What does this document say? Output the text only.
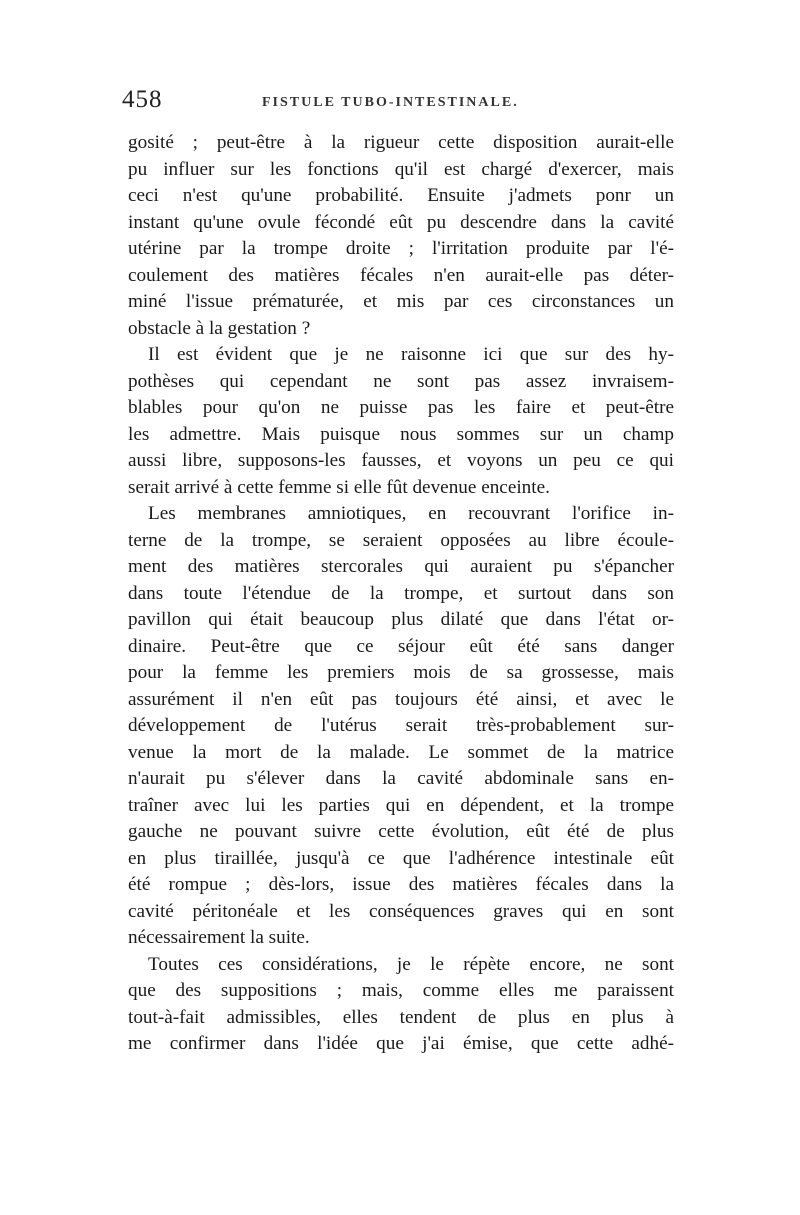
458	FISTULE TUBO-INTESTINALE.
gosité ; peut-être à la rigueur cette disposition aurait-elle
pu influer sur les fonctions qu'il est chargé d'exercer, mais
ceci n'est qu'une probabilité. Ensuite j'admets ponr un
instant qu'une ovule fécondé eût pu descendre dans la cavité
utérine par la trompe droite ; l'irritation produite par l'é-
coulement des matières fécales n'en aurait-elle pas déter-
miné l'issue prématurée, et mis par ces circonstances un
obstacle à la gestation ?
Il est évident que je ne raisonne ici que sur des hy-
pothèses qui cependant ne sont pas assez invraisem-
blables pour qu'on ne puisse pas les faire et peut-être
les admettre. Mais puisque nous sommes sur un champ
aussi libre, supposons-les fausses, et voyons un peu ce qui
serait arrivé à cette femme si elle fût devenue enceinte.
Les membranes amniotiques, en recouvrant l'orifice in-
terne de la trompe, se seraient opposées au libre écoule-
ment des matières stercorales qui auraient pu s'épancher
dans toute l'étendue de la trompe, et surtout dans son
pavillon qui était beaucoup plus dilaté que dans l'état or-
dinaire. Peut-être que ce séjour eût été sans danger
pour la femme les premiers mois de sa grossesse, mais
assurément il n'en eût pas toujours été ainsi, et avec le
développement de l'utérus serait très-probablement sur-
venue la mort de la malade. Le sommet de la matrice
n'aurait pu s'élever dans la cavité abdominale sans en-
traîner avec lui les parties qui en dépendent, et la trompe
gauche ne pouvant suivre cette évolution, eût été de plus
en plus tiraillée, jusqu'à ce que l'adhérence intestinale eût
été rompue ; dès-lors, issue des matières fécales dans la
cavité péritonéale et les conséquences graves qui en sont
nécessairement la suite.
Toutes ces considérations, je le répète encore, ne sont
que des suppositions ; mais, comme elles me paraissent
tout-à-fait admissibles, elles tendent de plus en plus à
me confirmer dans l'idée que j'ai émise, que cette adhé-
